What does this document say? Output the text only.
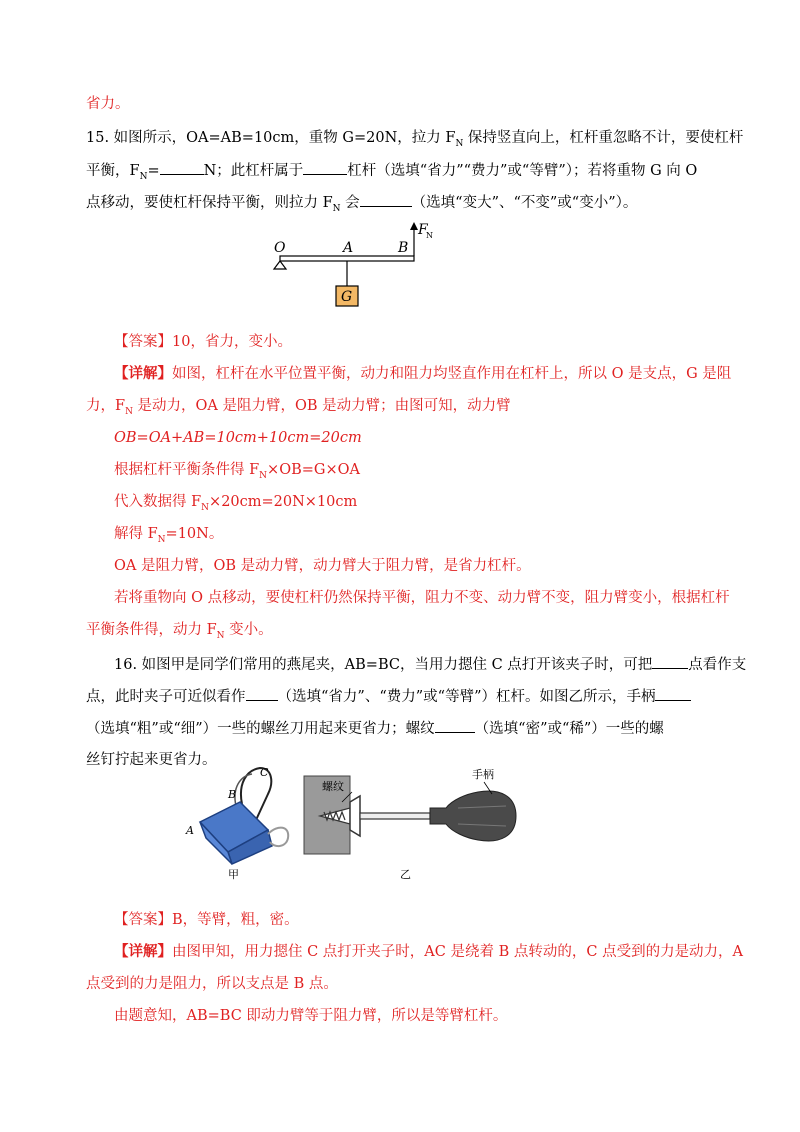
省力。
15. 如图所示，OA=AB=10cm，重物 G=20N，拉力 $F_N$ 保持竖直向上，杠杆重忽略不计，要使杠杆
平衡，$F_N=$	N；此杠杆属于	杠杆（选填“省力”“费力”或“等臂”）；若将重物 G 向 O
点移动，要使杠杆保持平衡，则拉力 $F_N$ 会	（选填“变大”、“不变”或“变小”）。
O	A	B
F
N
G
【答案】10，省力，变小。
【详解】如图，杠杆在水平位置平衡，动力和阻力均竖直作用在杠杆上，所以 O 是支点，G 是阻
力，$F_N$ 是动力，OA 是阻力臂，OB 是动力臂；由图可知，动力臂
OB=OA+AB=10cm+10cm=20cm
根据杠杆平衡条件得 $F_N\times OB=G\times OA$
代入数据得 $F_N\times 20cm=20N\times 10cm$
解得 $F_N=10N$。
OA 是阻力臂，OB 是动力臂，动力臂大于阻力臂，是省力杠杆。
若将重物向 O 点移动，要使杠杆仍然保持平衡，阻力不变、动力臂不变，阻力臂变小，根据杠杆
平衡条件得，动力 $F_N$ 变小。
16. 如图甲是同学们常用的燕尾夹，AB=BC，当用力摁住 C 点打开该夹子时，可把 点看作支
点，此时夹子可近似看作 （选填“省力”、“费力”或“等臂”）杠杆。如图乙所示，手柄
（选填“粗”或“细”）一些的螺丝刀用起来更省力；螺纹	（选填“密”或“稀”）一些的螺
丝钉拧起来更省力。
C
B
A
甲
螺纹
手柄
乙
【答案】B，等臂，粗，密。
【详解】由图甲知，用力摁住 C 点打开夹子时，AC 是绕着 B 点转动的，C 点受到的力是动力，A
点受到的力是阻力，所以支点是 B 点。
由题意知，AB=BC 即动力臂等于阻力臂，所以是等臂杠杆。
